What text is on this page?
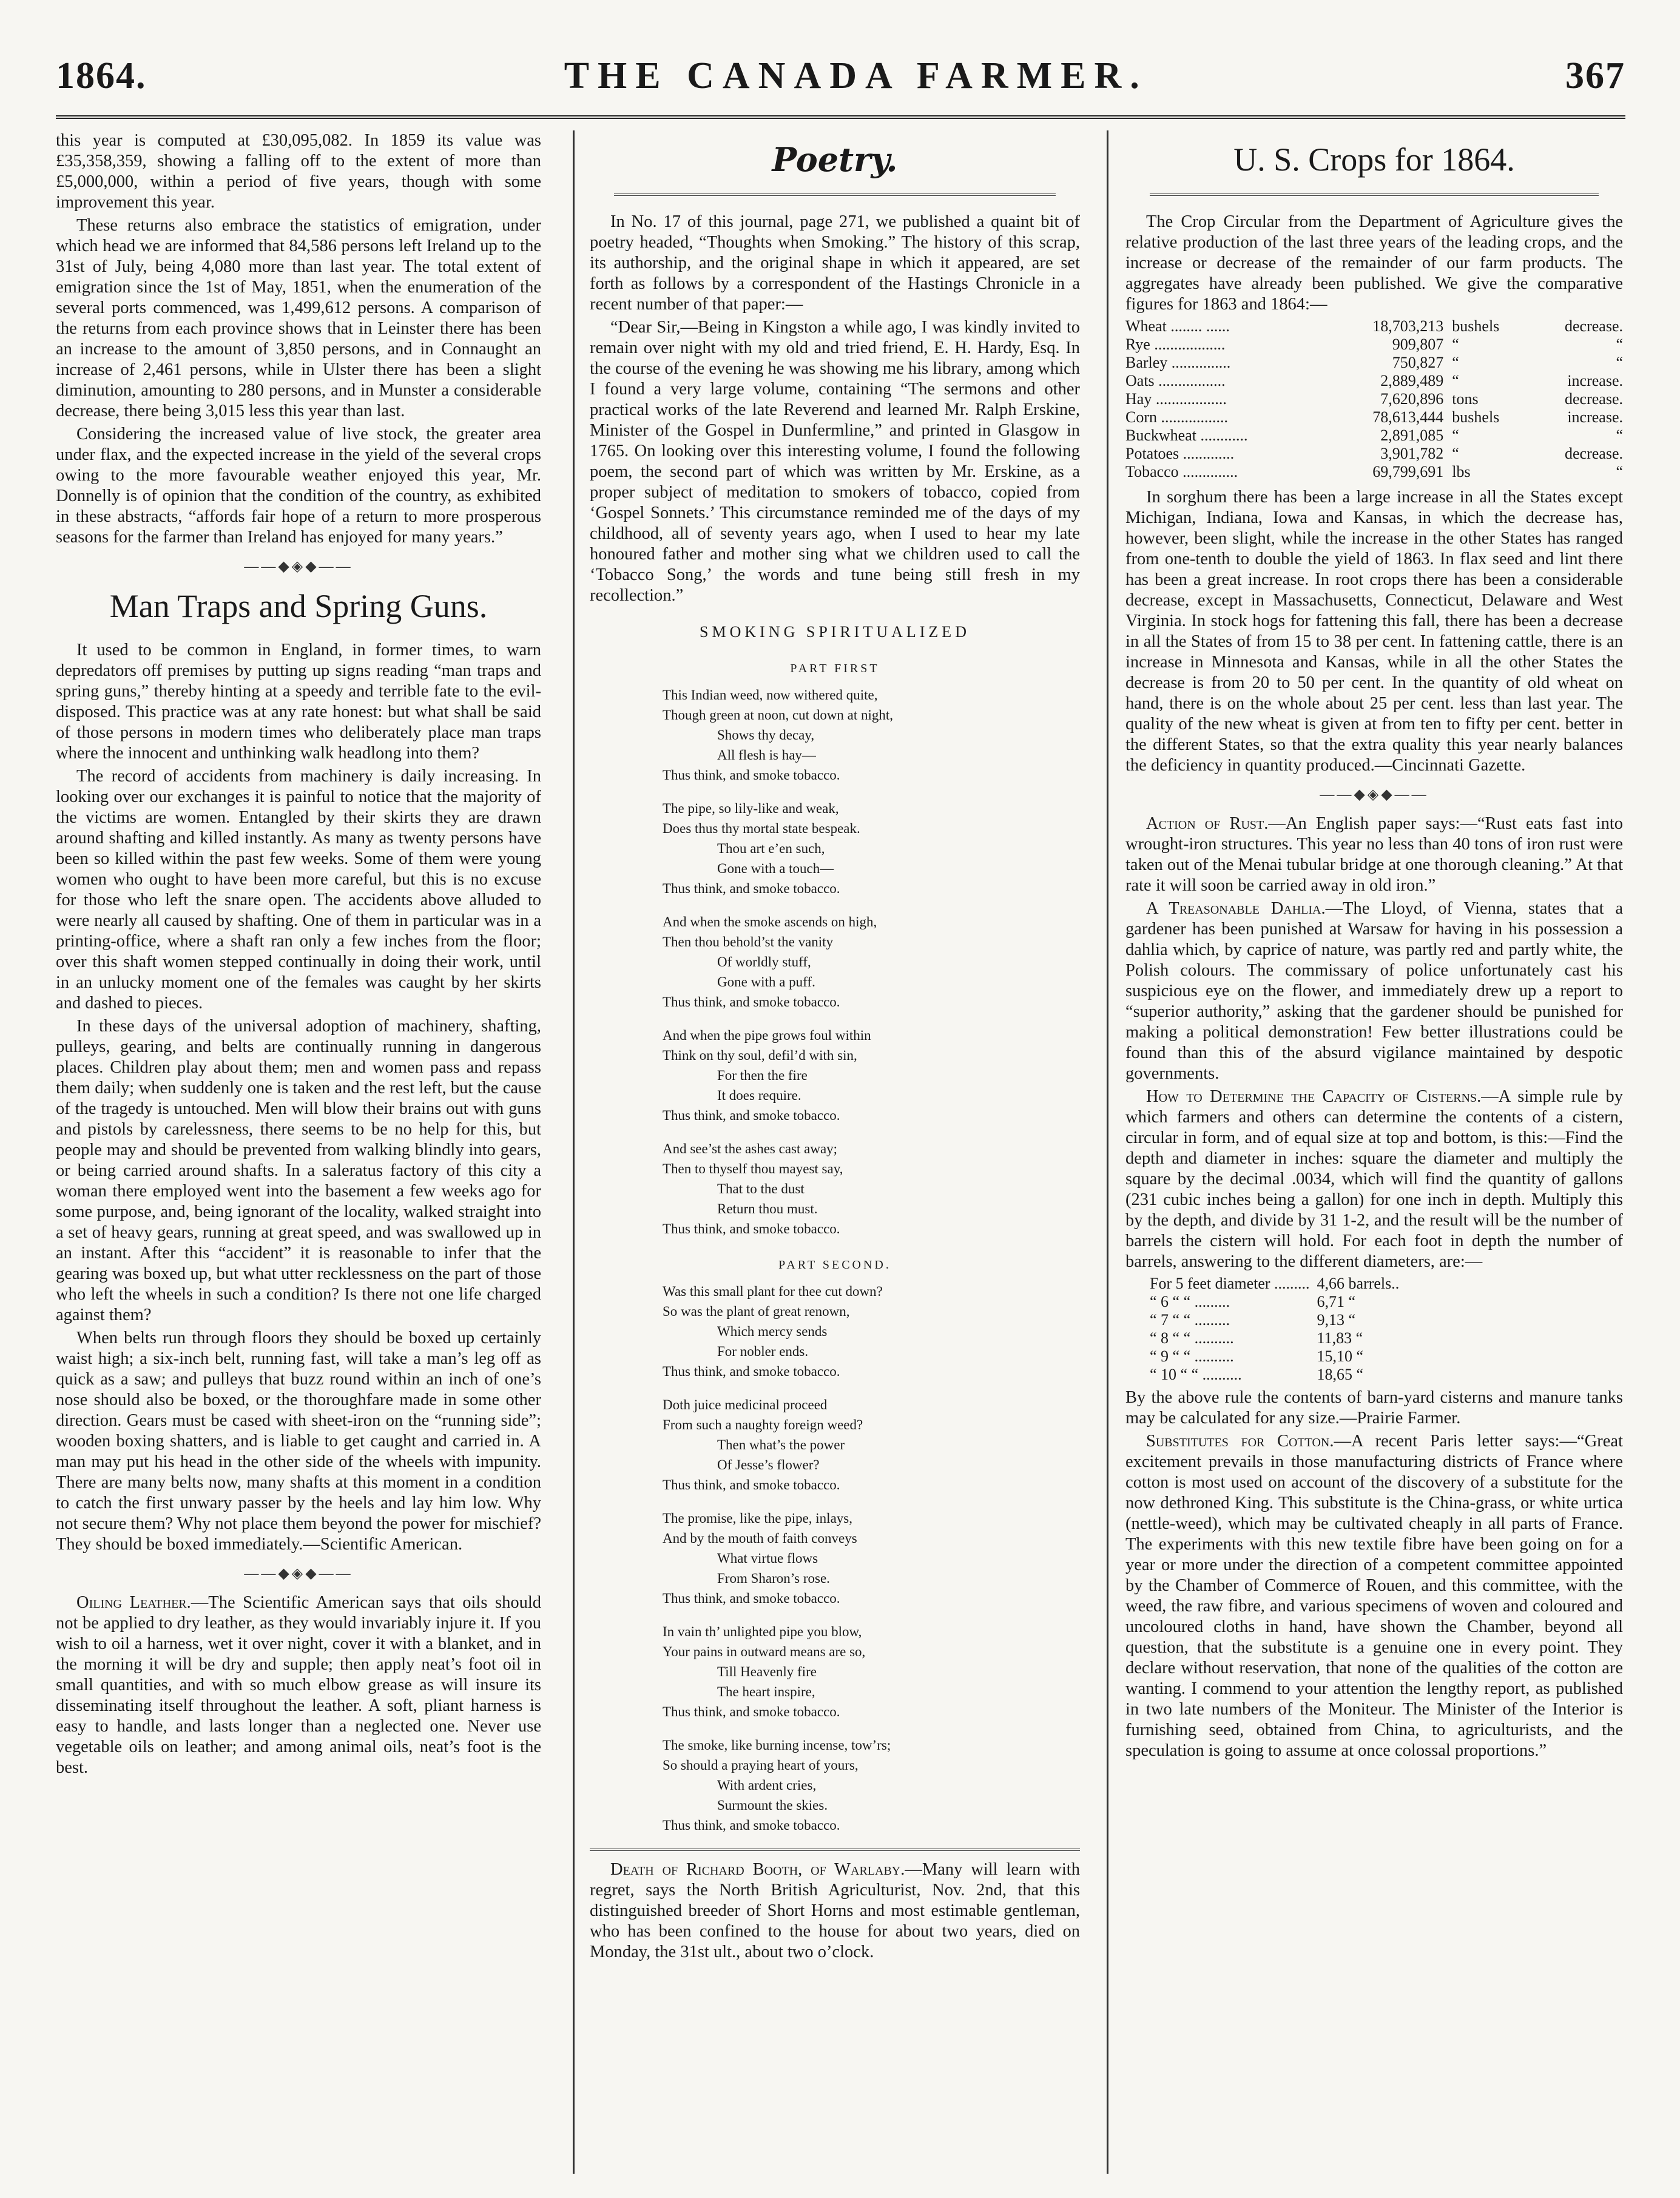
1864.	THE CANADA FARMER.	367

this year is computed at £30,095,082. In 1859 its value was £35,358,359, showing a falling off to the extent of more than £5,000,000, within a period of five years, though with some improvement this year.

These returns also embrace the statistics of emigration, under which head we are informed that 84,586 persons left Ireland up to the 31st of July, being 4,080 more than last year. The total extent of emigration since the 1st of May, 1851, when the enumeration of the several ports commenced, was 1,499,612 persons. A comparison of the returns from each province shows that in Leinster there has been an increase to the amount of 3,850 persons, and in Connaught an increase of 2,461 persons, while in Ulster there has been a slight diminution, amounting to 280 persons, and in Munster a considerable decrease, there being 3,015 less this year than last.

Considering the increased value of live stock, the greater area under flax, and the expected increase in the yield of the several crops owing to the more favourable weather enjoyed this year, Mr. Donnelly is of opinion that the condition of the country, as exhibited in these abstracts, “affords fair hope of a return to more prosperous seasons for the farmer than Ireland has enjoyed for many years.”

——◆◈◆——
Man Traps and Spring Guns.

It used to be common in England, in former times, to warn depredators off premises by putting up signs reading “man traps and spring guns,” thereby hinting at a speedy and terrible fate to the evil-disposed. This practice was at any rate honest: but what shall be said of those persons in modern times who deliberately place man traps where the innocent and unthinking walk headlong into them?

The record of accidents from machinery is daily increasing. In looking over our exchanges it is painful to notice that the majority of the victims are women. Entangled by their skirts they are drawn around shafting and killed instantly. As many as twenty persons have been so killed within the past few weeks. Some of them were young women who ought to have been more careful, but this is no excuse for those who left the snare open. The accidents above alluded to were nearly all caused by shafting. One of them in particular was in a printing-office, where a shaft ran only a few inches from the floor; over this shaft women stepped continually in doing their work, until in an unlucky moment one of the females was caught by her skirts and dashed to pieces.

In these days of the universal adoption of machinery, shafting, pulleys, gearing, and belts are continually running in dangerous places. Children play about them; men and women pass and repass them daily; when suddenly one is taken and the rest left, but the cause of the tragedy is untouched. Men will blow their brains out with guns and pistols by carelessness, there seems to be no help for this, but people may and should be prevented from walking blindly into gears, or being carried around shafts. In a saleratus factory of this city a woman there employed went into the basement a few weeks ago for some purpose, and, being ignorant of the locality, walked straight into a set of heavy gears, running at great speed, and was swallowed up in an instant. After this “accident” it is reasonable to infer that the gearing was boxed up, but what utter recklessness on the part of those who left the wheels in such a condition? Is there not one life charged against them?

When belts run through floors they should be boxed up certainly waist high; a six-inch belt, running fast, will take a man’s leg off as quick as a saw; and pulleys that buzz round within an inch of one’s nose should also be boxed, or the thoroughfare made in some other direction. Gears must be cased with sheet-iron on the “running side”; wooden boxing shatters, and is liable to get caught and carried in. A man may put his head in the other side of the wheels with impunity. There are many belts now, many shafts at this moment in a condition to catch the first unwary passer by the heels and lay him low. Why not secure them? Why not place them beyond the power for mischief? They should be boxed immediately.—Scientific American.

——◆◈◆——

Oiling Leather.—The Scientific American says that oils should not be applied to dry leather, as they would invariably injure it. If you wish to oil a harness, wet it over night, cover it with a blanket, and in the morning it will be dry and supple; then apply neat’s foot oil in small quantities, and with so much elbow grease as will insure its disseminating itself throughout the leather. A soft, pliant harness is easy to handle, and lasts longer than a neglected one. Never use vegetable oils on leather; and among animal oils, neat’s foot is the best.

Poetry.

In No. 17 of this journal, page 271, we published a quaint bit of poetry headed, “Thoughts when Smoking.” The history of this scrap, its authorship, and the original shape in which it appeared, are set forth as follows by a correspondent of the Hastings Chronicle in a recent number of that paper:—

“Dear Sir,—Being in Kingston a while ago, I was kindly invited to remain over night with my old and tried friend, E. H. Hardy, Esq. In the course of the evening he was showing me his library, among which I found a very large volume, containing “The sermons and other practical works of the late Reverend and learned Mr. Ralph Erskine, Minister of the Gospel in Dunfermline,” and printed in Glasgow in 1765. On looking over this interesting volume, I found the following poem, the second part of which was written by Mr. Erskine, as a proper subject of meditation to smokers of tobacco, copied from ‘Gospel Sonnets.’ This circumstance reminded me of the days of my childhood, all of seventy years ago, when I used to hear my late honoured father and mother sing what we children used to call the ‘Tobacco Song,’ the words and tune being still fresh in my recollection.”

SMOKING SPIRITUALIZED
PART FIRST
This Indian weed, now withered quite,
Though green at noon, cut down at night,
Shows thy decay,
All flesh is hay—
Thus think, and smoke tobacco.
The pipe, so lily-like and weak,
Does thus thy mortal state bespeak.
Thou art e’en such,
Gone with a touch—
Thus think, and smoke tobacco.
And when the smoke ascends on high,
Then thou behold’st the vanity
Of worldly stuff,
Gone with a puff.
Thus think, and smoke tobacco.
And when the pipe grows foul within
Think on thy soul, defil’d with sin,
For then the fire
It does require.
Thus think, and smoke tobacco.
And see’st the ashes cast away;
Then to thyself thou mayest say,
That to the dust
Return thou must.
Thus think, and smoke tobacco.
PART SECOND.
Was this small plant for thee cut down?
So was the plant of great renown,
Which mercy sends
For nobler ends.
Thus think, and smoke tobacco.
Doth juice medicinal proceed
From such a naughty foreign weed?
Then what’s the power
Of Jesse’s flower?
Thus think, and smoke tobacco.
The promise, like the pipe, inlays,
And by the mouth of faith conveys
What virtue flows
From Sharon’s rose.
Thus think, and smoke tobacco.
In vain th’ unlighted pipe you blow,
Your pains in outward means are so,
Till Heavenly fire
The heart inspire,
Thus think, and smoke tobacco.
The smoke, like burning incense, tow’rs;
So should a praying heart of yours,
With ardent cries,
Surmount the skies.
Thus think, and smoke tobacco.

Death of Richard Booth, of Warlaby.—Many will learn with regret, says the North British Agriculturist, Nov. 2nd, that this distinguished breeder of Short Horns and most estimable gentleman, who has been confined to the house for about two years, died on Monday, the 31st ult., about two o’clock.

U. S. Crops for 1864.

The Crop Circular from the Department of Agriculture gives the relative production of the last three years of the leading crops, and the increase or decrease of the remainder of our farm products. The aggregates have already been published. We give the comparative figures for 1863 and 1864:—

Wheat ........ ......	18,703,213	bushels	decrease.
Rye ..................	909,807	“	“
Barley ...............	750,827	“	“
Oats .................	2,889,489	“	increase.
Hay ..................	7,620,896	tons	decrease.
Corn .................	78,613,444	bushels	increase.
Buckwheat ............	2,891,085	“	“
Potatoes .............	3,901,782	“	decrease.
Tobacco ..............	69,799,691	lbs	“

In sorghum there has been a large increase in all the States except Michigan, Indiana, Iowa and Kansas, in which the decrease has, however, been slight, while the increase in the other States has ranged from one-tenth to double the yield of 1863. In flax seed and lint there has been a great increase. In root crops there has been a considerable decrease, except in Massachusetts, Connecticut, Delaware and West Virginia. In stock hogs for fattening this fall, there has been a decrease in all the States of from 15 to 38 per cent. In fattening cattle, there is an increase in Minnesota and Kansas, while in all the other States the decrease is from 20 to 50 per cent. In the quantity of old wheat on hand, there is on the whole about 25 per cent. less than last year. The quality of the new wheat is given at from ten to fifty per cent. better in the different States, so that the extra quality this year nearly balances the deficiency in quantity produced.—Cincinnati Gazette.

——◆◈◆——

Action of Rust.—An English paper says:—“Rust eats fast into wrought-iron structures. This year no less than 40 tons of iron rust were taken out of the Menai tubular bridge at one thorough cleaning.” At that rate it will soon be carried away in old iron.”

A Treasonable Dahlia.—The Lloyd, of Vienna, states that a gardener has been punished at Warsaw for having in his possession a dahlia which, by caprice of nature, was partly red and partly white, the Polish colours. The commissary of police unfortunately cast his suspicious eye on the flower, and immediately drew up a report to “superior authority,” asking that the gardener should be punished for making a political demonstration! Few better illustrations could be found than this of the absurd vigilance maintained by despotic governments.

How to Determine the Capacity of Cisterns.—A simple rule by which farmers and others can determine the contents of a cistern, circular in form, and of equal size at top and bottom, is this:—Find the depth and diameter in inches: square the diameter and multiply the square by the decimal .0034, which will find the quantity of gallons (231 cubic inches being a gallon) for one inch in depth. Multiply this by the depth, and divide by 31 1-2, and the result will be the number of barrels the cistern will hold. For each foot in depth the number of barrels, answering to the different diameters, are:—

For 5 feet diameter .........	4,66 barrels..
“ 6 “ “ .........	6,71 “
“ 7 “ “ .........	9,13 “
“ 8 “ “ ..........	11,83 “
“ 9 “ “ ..........	15,10 “
“ 10 “ “ ..........	18,65 “

By the above rule the contents of barn-yard cisterns and manure tanks may be calculated for any size.—Prairie Farmer.

Substitutes for Cotton.—A recent Paris letter says:—“Great excitement prevails in those manufacturing districts of France where cotton is most used on account of the discovery of a substitute for the now dethroned King. This substitute is the China-grass, or white urtica (nettle-weed), which may be cultivated cheaply in all parts of France. The experiments with this new textile fibre have been going on for a year or more under the direction of a competent committee appointed by the Chamber of Commerce of Rouen, and this committee, with the weed, the raw fibre, and various specimens of woven and coloured and uncoloured cloths in hand, have shown the Chamber, beyond all question, that the substitute is a genuine one in every point. They declare without reservation, that none of the qualities of the cotton are wanting. I commend to your attention the lengthy report, as published in two late numbers of the Moniteur. The Minister of the Interior is furnishing seed, obtained from China, to agriculturists, and the speculation is going to assume at once colossal proportions.”
